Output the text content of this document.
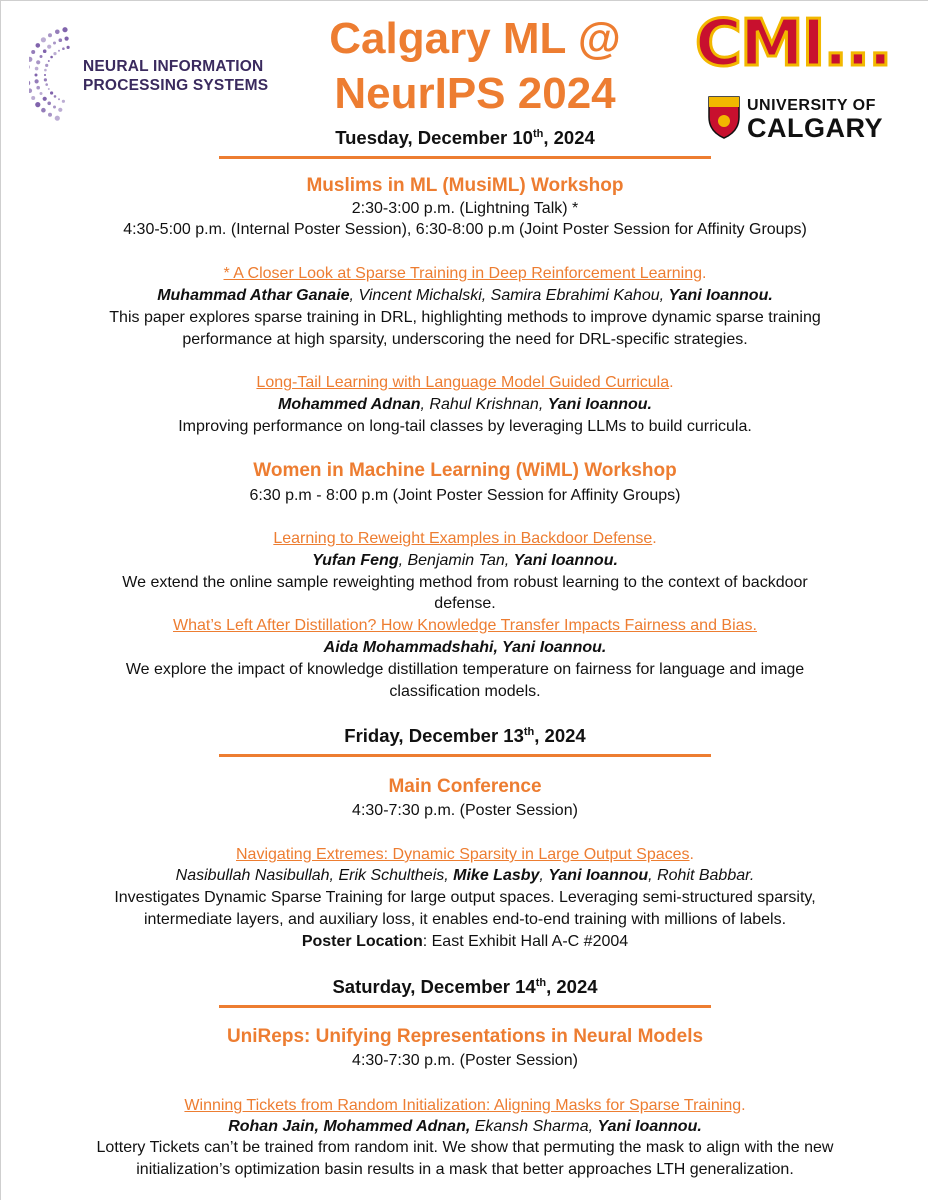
NEURAL INFORMATION
PROCESSING SYSTEMS
Calgary ML @
NeurIPS 2024
CMI...
UNIVERSITY OF
CALGARY
Tuesday, December 10th, 2024
Muslims in ML (MusiML) Workshop
2:30-3:00 p.m. (Lightning Talk) *
4:30-5:00 p.m. (Internal Poster Session), 6:30-8:00 p.m (Joint Poster Session for Affinity Groups)
* A Closer Look at Sparse Training in Deep Reinforcement Learning.
Muhammad Athar Ganaie, Vincent Michalski, Samira Ebrahimi Kahou, Yani Ioannou.
This paper explores sparse training in DRL, highlighting methods to improve dynamic sparse training
performance at high sparsity, underscoring the need for DRL-specific strategies.
Long-Tail Learning with Language Model Guided Curricula.
Mohammed Adnan, Rahul Krishnan, Yani Ioannou.
Improving performance on long-tail classes by leveraging LLMs to build curricula.
Women in Machine Learning (WiML) Workshop
6:30 p.m - 8:00 p.m (Joint Poster Session for Affinity Groups)
Learning to Reweight Examples in Backdoor Defense.
Yufan Feng, Benjamin Tan, Yani Ioannou.
We extend the online sample reweighting method from robust learning to the context of backdoor
defense.
What’s Left After Distillation? How Knowledge Transfer Impacts Fairness and Bias.
Aida Mohammadshahi, Yani Ioannou.
We explore the impact of knowledge distillation temperature on fairness for language and image
classification models.
Friday, December 13th, 2024
Main Conference
4:30-7:30 p.m. (Poster Session)
Navigating Extremes: Dynamic Sparsity in Large Output Spaces.
Nasibullah Nasibullah, Erik Schultheis, Mike Lasby, Yani Ioannou, Rohit Babbar.
Investigates Dynamic Sparse Training for large output spaces. Leveraging semi-structured sparsity,
intermediate layers, and auxiliary loss, it enables end-to-end training with millions of labels.
Poster Location: East Exhibit Hall A-C #2004
Saturday, December 14th, 2024
UniReps: Unifying Representations in Neural Models
4:30-7:30 p.m. (Poster Session)
Winning Tickets from Random Initialization: Aligning Masks for Sparse Training.
Rohan Jain, Mohammed Adnan, Ekansh Sharma, Yani Ioannou.
Lottery Tickets can’t be trained from random init. We show that permuting the mask to align with the new
initialization’s optimization basin results in a mask that better approaches LTH generalization.
